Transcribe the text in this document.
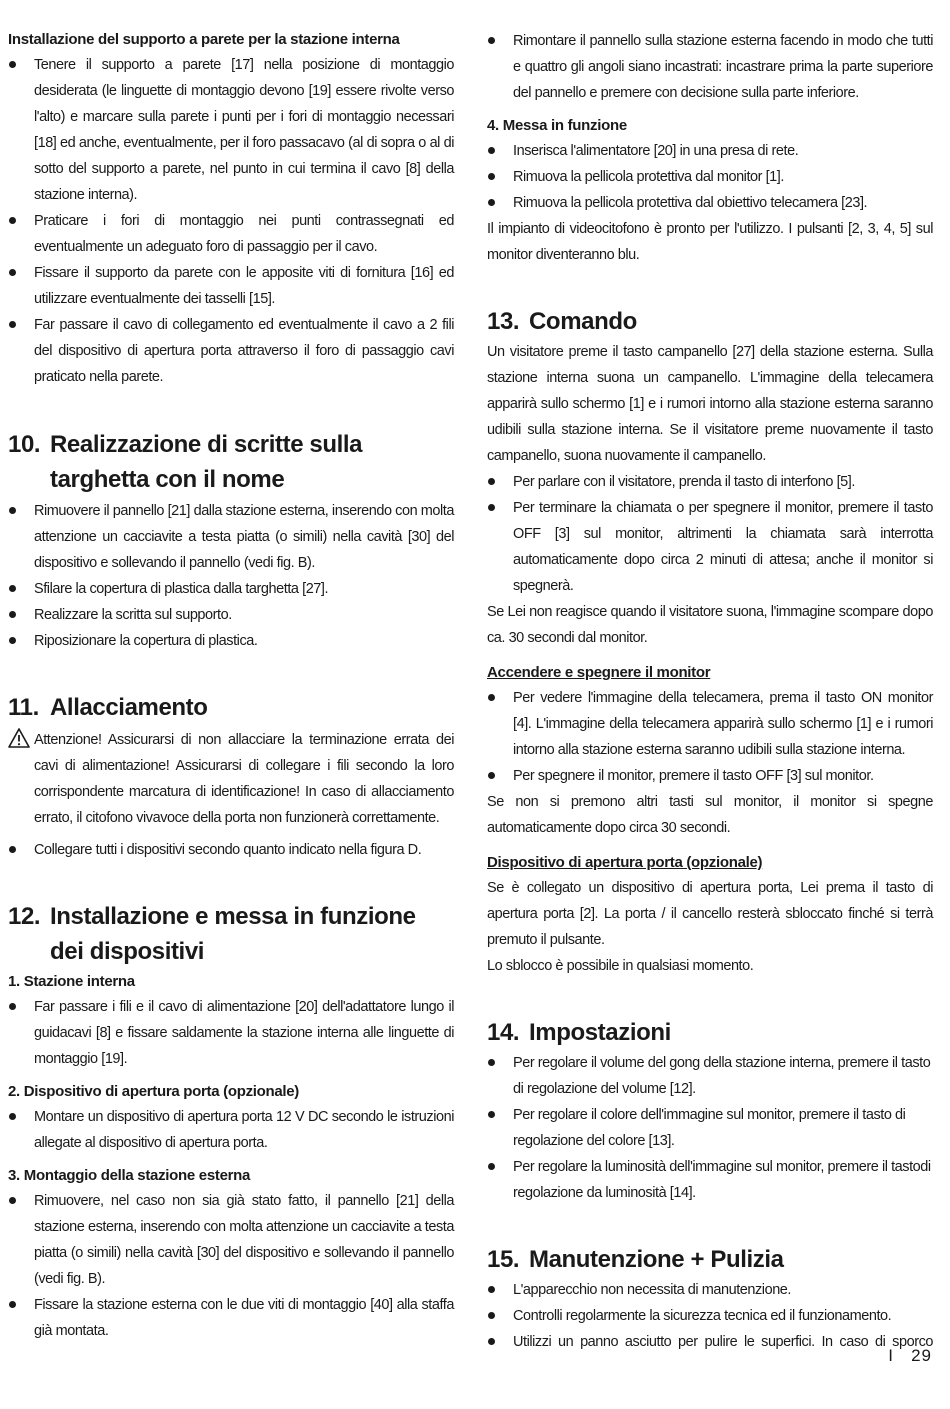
Installazione del supporto a parete per la stazione interna
Tenere il supporto a parete [17] nella posizione di montaggio desiderata (le linguette di montaggio devono [19] essere rivolte verso l'alto) e marcare sulla parete i punti per i fori di montaggio necessari [18] ed anche, eventualmente, per il foro passacavo (al di sopra o al di sotto del supporto a parete, nel punto in cui termina il cavo [8] della stazione interna).
Praticare i fori di montaggio nei punti contrassegnati ed eventualmente un adeguato foro di passaggio per il cavo.
Fissare il supporto da parete con le apposite viti di fornitura [16] ed utilizzare eventualmente dei tasselli [15].
Far passare il cavo di collegamento ed eventualmente il cavo a 2 fili del dispositivo di apertura porta attraverso il foro di passaggio cavi praticato nella parete.
10. Realizzazione di scritte sulla targhetta con il nome
Rimuovere il pannello [21] dalla stazione esterna, inserendo con molta attenzione un cacciavite a testa piatta (o simili) nella cavità [30] del dispositivo e sollevando il pannello (vedi fig. B).
Sfilare la copertura di plastica dalla targhetta [27].
Realizzare la scritta sul supporto.
Riposizionare la copertura di plastica.
11. Allacciamento
Attenzione! Assicurarsi di non allacciare la terminazione errata dei cavi di alimentazione! Assicurarsi di collegare i fili secondo la loro corrispondente marcatura di identificazione! In caso di allacciamento errato, il citofono vivavoce della porta non funzionerà correttamente.
Collegare tutti i dispositivi secondo quanto indicato nella figura D.
12. Installazione e messa in funzione dei dispositivi
1. Stazione interna
Far passare i fili e il cavo di alimentazione [20] dell'adattatore lungo il guidacavi [8] e fissare saldamente la stazione interna alle linguette di montaggio [19].
2. Dispositivo di apertura porta (opzionale)
Montare un dispositivo di apertura porta 12 V DC secondo le istruzioni allegate al dispositivo di apertura porta.
3. Montaggio della stazione esterna
Rimuovere, nel caso non sia già stato fatto, il pannello [21] della stazione esterna, inserendo con molta attenzione un cacciavite a testa piatta (o simili) nella cavità [30] del dispositivo e sollevando il pannello (vedi fig. B).
Fissare la stazione esterna con le due viti di montaggio [40] alla staffa già montata.
Rimontare il pannello sulla stazione esterna facendo in modo che tutti e quattro gli angoli siano incastrati: incastrare prima la parte superiore del pannello e premere con decisione sulla parte inferiore.
4. Messa in funzione
Inserisca l'alimentatore [20] in una presa di rete.
Rimuova la pellicola protettiva dal monitor [1].
Rimuova la pellicola protettiva dal obiettivo telecamera [23].
Il impianto di videocitofono è pronto per l'utilizzo. I pulsanti [2, 3, 4, 5] sul monitor diventeranno blu.
13. Comando
Un visitatore preme il tasto campanello [27] della stazione esterna. Sulla stazione interna suona un campanello. L'immagine della telecamera apparirà sullo schermo [1] e i rumori intorno alla stazione esterna saranno udibili sulla stazione interna. Se il visitatore preme nuovamente il tasto campanello, suona nuovamente il campanello.
Per parlare con il visitatore, prenda il tasto di interfono [5].
Per terminare la chiamata o per spegnere il monitor, premere il tasto OFF [3] sul monitor, altrimenti la chiamata sarà interrotta automaticamente dopo circa 2 minuti di attesa; anche il monitor si spegnerà.
Se Lei non reagisce quando il visitatore suona, l'immagine scompare dopo ca. 30 secondi dal monitor.
Accendere e spegnere il monitor
Per vedere l'immagine della telecamera, prema il tasto ON monitor [4]. L'immagine della telecamera apparirà sullo schermo [1] e i rumori intorno alla stazione esterna saranno udibili sulla stazione interna.
Per spegnere il monitor, premere il tasto OFF [3] sul monitor.
Se non si premono altri tasti sul monitor, il monitor si spegne automaticamente dopo circa 30 secondi.
Dispositivo di apertura porta (opzionale)
Se è collegato un dispositivo di apertura porta, Lei prema il tasto di apertura porta [2]. La porta / il cancello resterà sbloccato finché si terrà premuto il pulsante.
Lo sblocco è possibile in qualsiasi momento.
14. Impostazioni
Per regolare il volume del gong della stazione interna, premere il tasto di regolazione del volume [12].
Per regolare il colore dell'immagine sul monitor, premere il tasto di regolazione del colore [13].
Per regolare la luminosità dell'immagine sul monitor, premere il tastodi regolazione da luminosità [14].
15. Manutenzione + Pulizia
L'apparecchio non necessita di manutenzione.
Controlli regolarmente la sicurezza tecnica ed il funzionamento.
Utilizzi un panno asciutto per pulire le superfici. In caso di sporco
I   29
